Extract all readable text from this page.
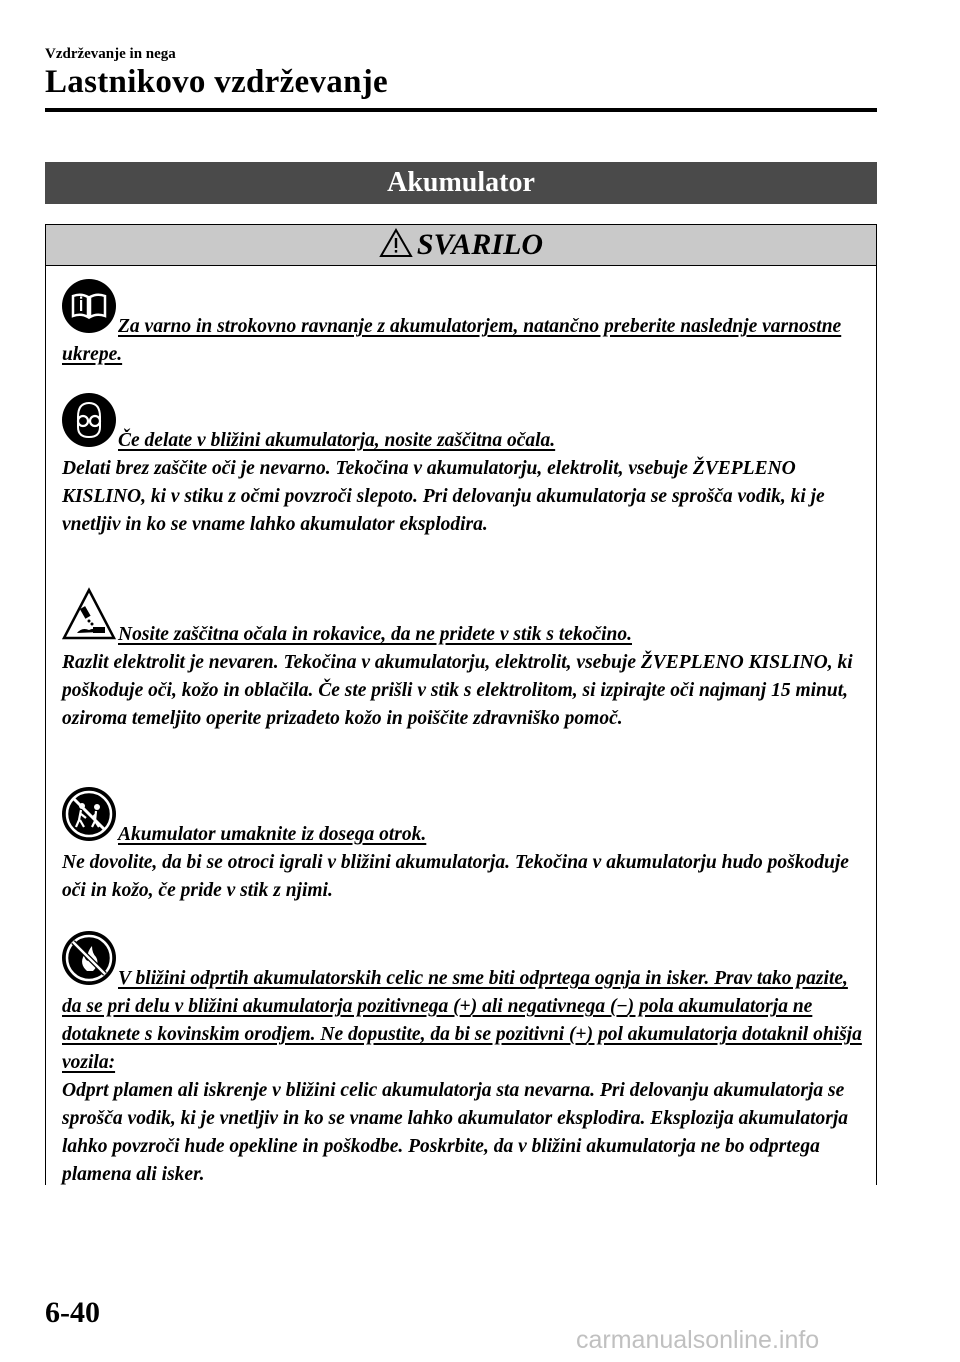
Vzdrževanje in nega
Lastnikovo vzdrževanje
Akumulator
SVARILO
Za varno in strokovno ravnanje z akumulatorjem, natančno preberite naslednje varnostne ukrepe.
Če delate v bližini akumulatorja, nosite zaščitna očala.
Delati brez zaščite oči je nevarno. Tekočina v akumulatorju, elektrolit, vsebuje ŽVEPLENO KISLINO, ki v stiku z očmi povzroči slepoto. Pri delovanju akumulatorja se sprošča vodik, ki je vnetljiv in ko se vname lahko akumulator eksplodira.
Nosite zaščitna očala in rokavice, da ne pridete v stik s tekočino.
Razlit elektrolit je nevaren. Tekočina v akumulatorju, elektrolit, vsebuje ŽVEPLENO KISLINO, ki poškoduje oči, kožo in oblačila. Če ste prišli v stik s elektrolitom, si izpirajte oči najmanj 15 minut, oziroma temeljito operite prizadeto kožo in poiščite zdravniško pomoč.
Akumulator umaknite iz dosega otrok.
Ne dovolite, da bi se otroci igrali v bližini akumulatorja. Tekočina v akumulatorju hudo poškoduje oči in kožo, če pride v stik z njimi.
V bližini odprtih akumulatorskih celic ne sme biti odprtega ognja in isker. Prav tako pazite, da se pri delu v bližini akumulatorja pozitivnega (+) ali negativnega (−) pola akumulatorja ne dotaknete s kovinskim orodjem. Ne dopustite, da bi se pozitivni (+) pol akumulatorja dotaknil ohišja vozila:
Odprt plamen ali iskrenje v bližini celic akumulatorja sta nevarna. Pri delovanju akumulatorja se sprošča vodik, ki je vnetljiv in ko se vname lahko akumulator eksplodira. Eksplozija akumulatorja lahko povzroči hude opekline in poškodbe. Poskrbite, da v bližini akumulatorja ne bo odprtega plamena ali isker.
6-40
carmanualsonline.info
